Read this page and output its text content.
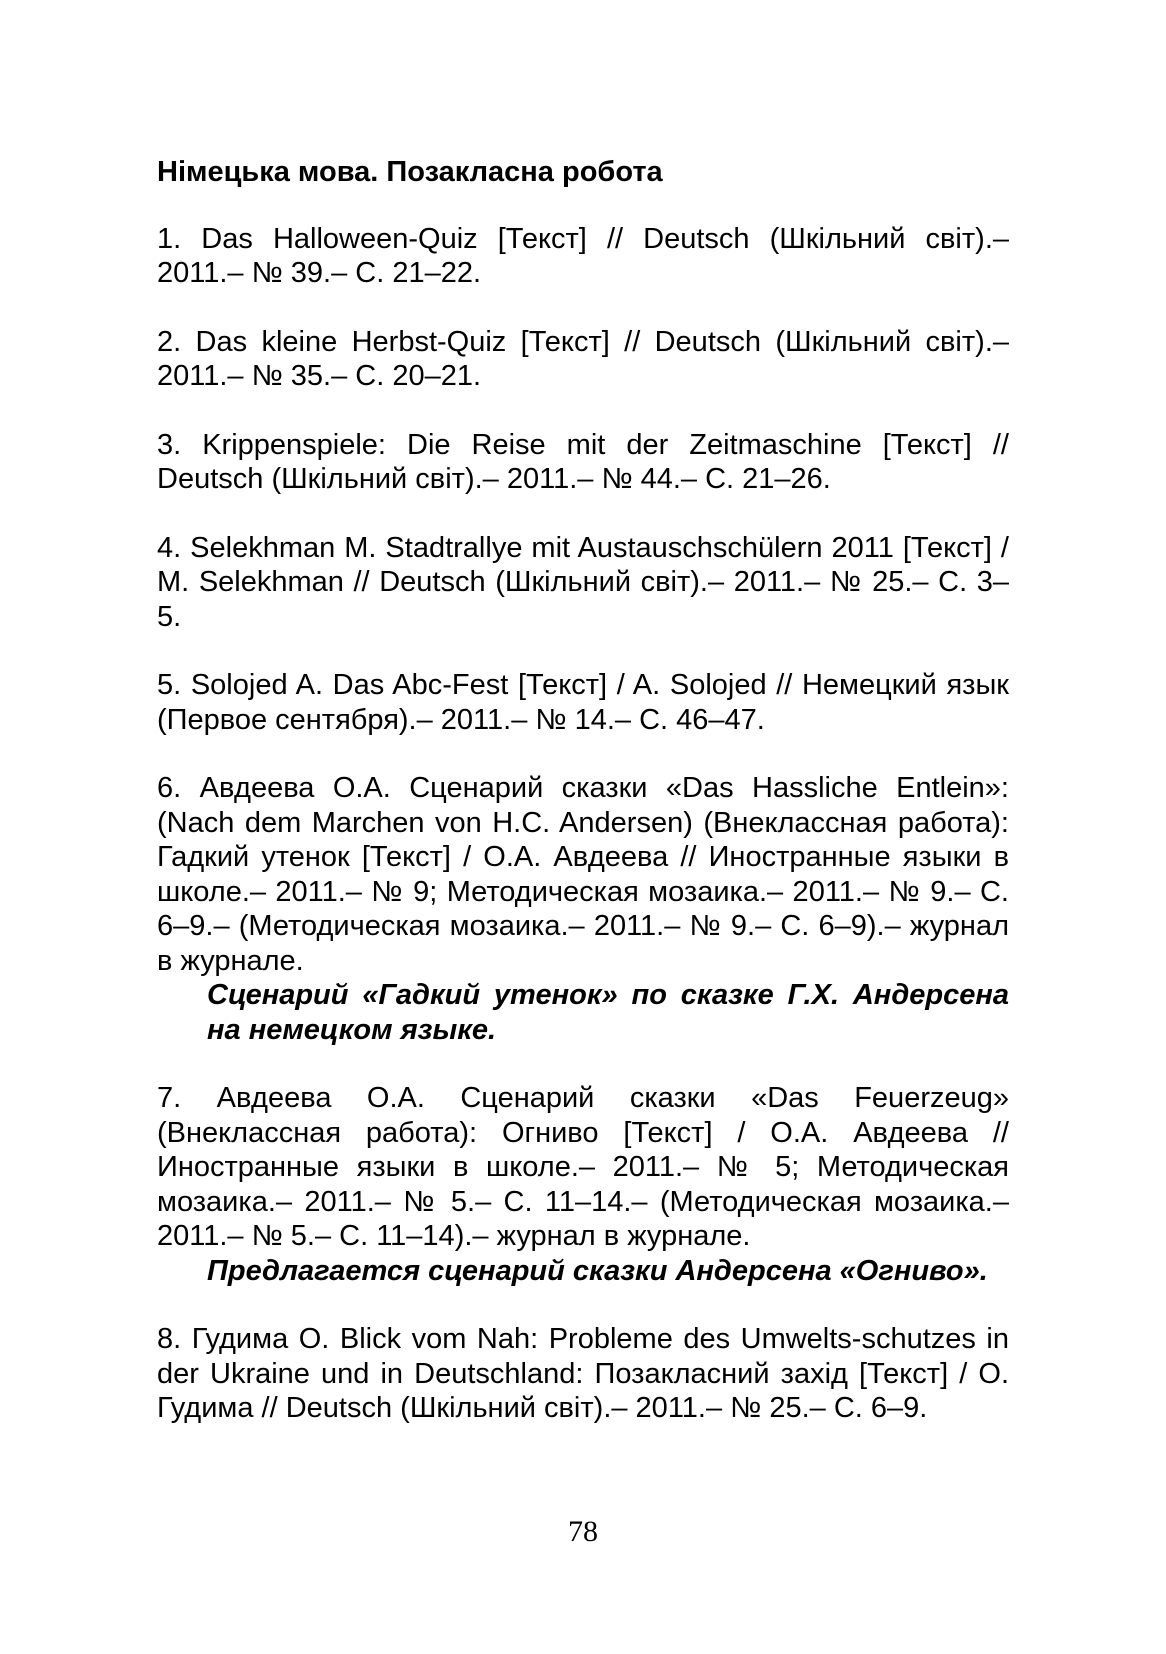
Німецька мова. Позакласна робота

1. Das Halloween-Quiz [Текст] // Deutsch (Шкільний світ).– 2011.– № 39.– С. 21–22.

2. Das kleine Herbst-Quiz [Текст] // Deutsch (Шкільний світ).– 2011.– № 35.– С. 20–21.

3. Krippenspiele: Die Reise mit der Zeitmaschine [Текст] // Deutsch (Шкільний світ).– 2011.– № 44.– С. 21–26.

4. Selekhman M. Stadtrallye mit Austauschschülern 2011 [Текст] / M. Selekhman // Deutsch (Шкільний світ).– 2011.– № 25.– С. 3–5.

5. Solojed A. Das Abc-Fest [Текст] / A. Solojed // Немецкий язык (Первое сентября).– 2011.– № 14.– С. 46–47.

6. Авдеева О.А. Сценарий сказки «Das Hassliche Entlein»: (Nach dem Marchen von H.C. Andersen) (Внеклассная работа): Гадкий утенок [Текст] / О.А. Авдеева // Иностранные языки в школе.– 2011.– № 9; Методическая мозаика.– 2011.– № 9.– С. 6–9.– (Методическая мозаика.– 2011.– № 9.– С. 6–9).– журнал в журнале.

Сценарий «Гадкий утенок» по сказке Г.Х. Андерсена на немецком языке.

7. Авдеева О.А. Сценарий сказки «Das Feuerzeug» (Внеклассная работа): Огниво [Текст] / О.А. Авдеева // Иностранные языки в школе.– 2011.– № 5; Методическая мозаика.– 2011.– № 5.– С. 11–14.– (Методическая мозаика.– 2011.– № 5.– С. 11–14).– журнал в журнале.

Предлагается сценарий сказки Андерсена «Огниво».

8. Гудима О. Blick vom Nah: Probleme des Umwelts-schutzes in der Ukraine und in Deutschland: Позакласний захід [Текст] / О. Гудима // Deutsch (Шкільний світ).– 2011.– № 25.– С. 6–9.

78
